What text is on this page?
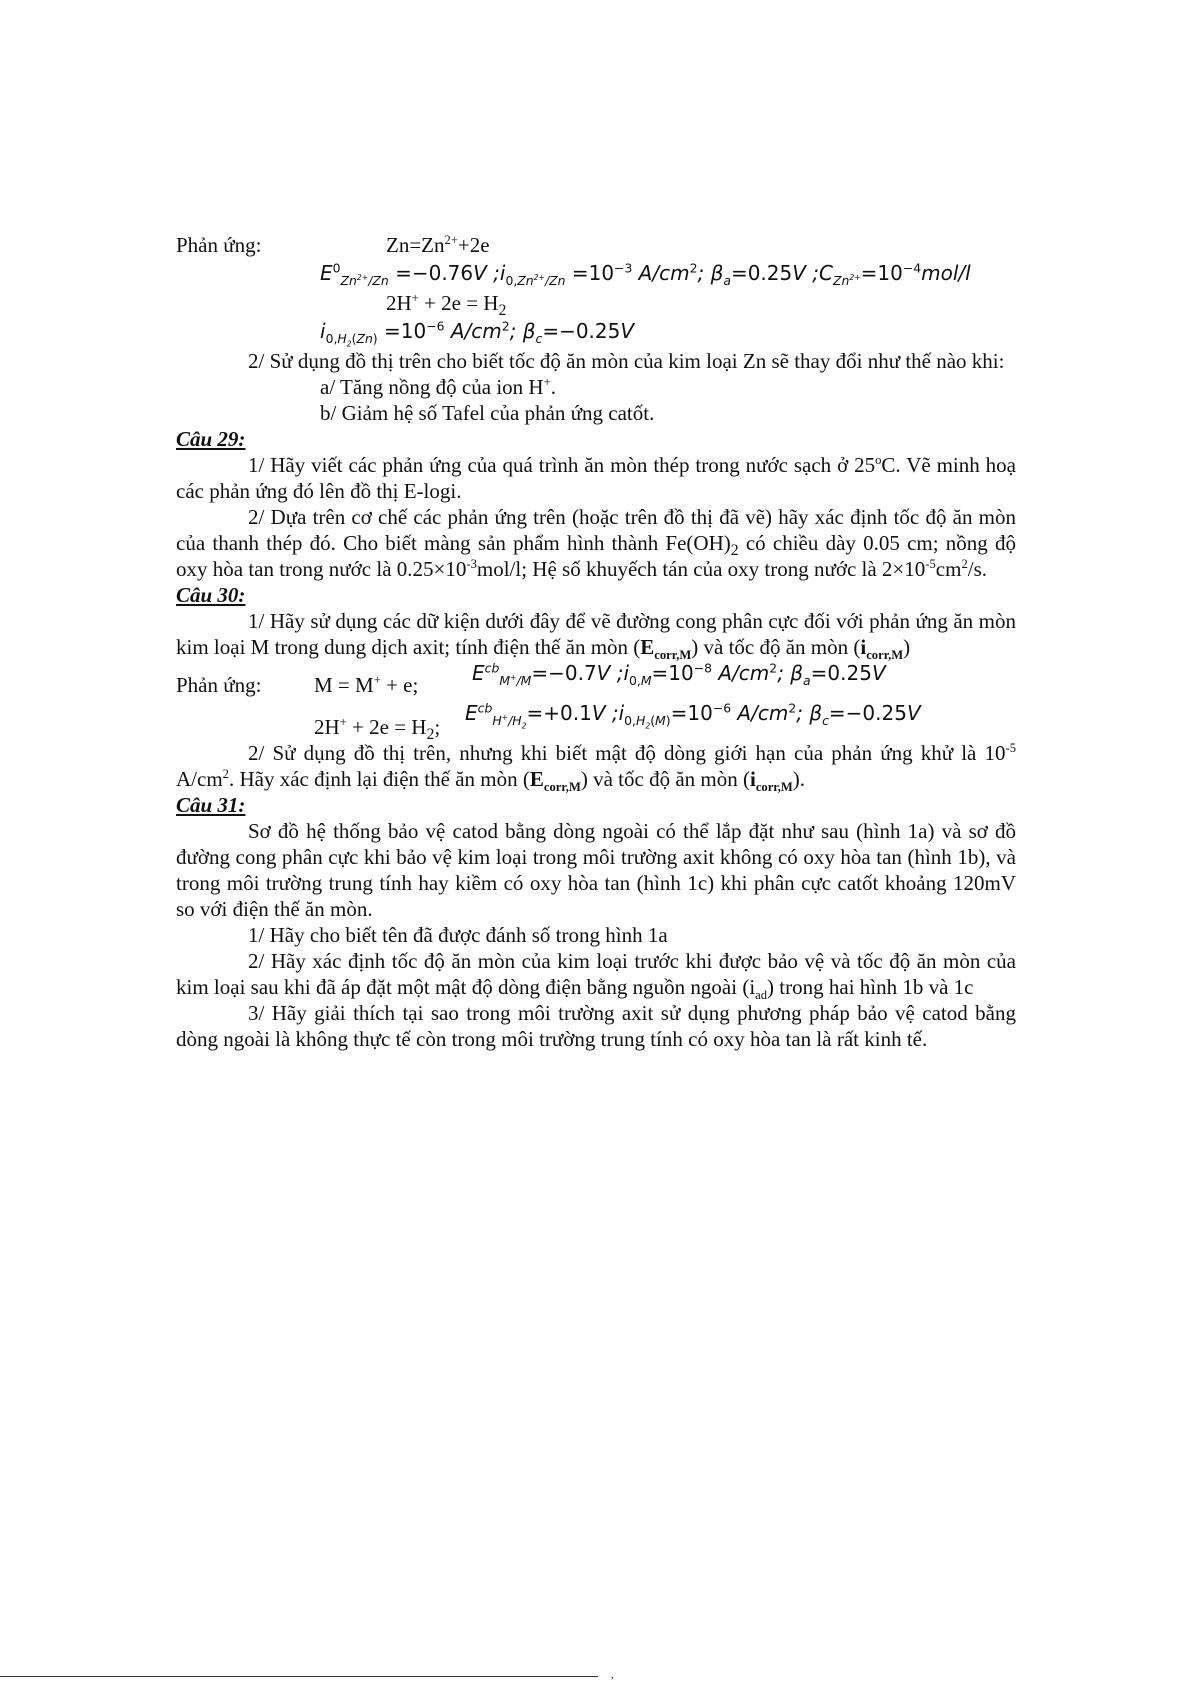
Phản ứng:	$Zn=Zn^{2+}+2e$
$E^0_{Zn^{2+}/Zn} =-0.76V$ $;i_{0,Zn^{2+}/Zn} =10^{-3}$ $A/cm^2$; $\beta_a=0.25V$ $;C_{Zn^{2+}}=10^{-4}mol/l$
$2H^+ + 2e = H_2$
$i_{0,H_2(Zn)} =10^{-6}$ $A/cm^2$; $\beta_c=-0.25V$

2/ Sử dụng đồ thị trên cho biết tốc độ ăn mòn của kim loại Zn sẽ thay đổi như thế nào khi:

a/ Tăng nồng độ của ion H+.

b/ Giảm hệ số Tafel của phản ứng catốt.

Câu 29:

1/ Hãy viết các phản ứng của quá trình ăn mòn thép trong nước sạch ở 25$^o$C. Vẽ minh hoạ các phản ứng đó lên đồ thị E-logi.

2/ Dựa trên cơ chế các phản ứng trên (hoặc trên đồ thị đã vẽ) hãy xác định tốc độ ăn mòn của thanh thép đó. Cho biết màng sản phẩm hình thành $Fe(OH)_2$ có chiều dày 0.05 cm; nồng độ oxy hòa tan trong nước là $0.25\times 10^{-3}mol/l$; Hệ số khuyếch tán của oxy trong nước là $2\times 10^{-5}cm^2/s$.

Câu 30:

1/ Hãy sử dụng các dữ kiện dưới đây để vẽ đường cong phân cực đối với phản ứng ăn mòn kim loại M trong dung dịch axit; tính điện thế ăn mòn $(E_{corr,M})$ và tốc độ ăn mòn $(i_{corr,M})$

Phản ứng:	M = M+ + e;	$E^{cb}_{M^+/M}=-0.7V$ $;i_{0,M}=10^{-8}$ $A/cm^2$; $\beta_a=0.25V$
$2H^+ + 2e = H_2$;
$E^{cb}_{H^+/H_2}=+0.1V$ $;i_{0,H_2(M)}=10^{-6}$ $A/cm^2$; $\beta_c=-0.25V$

2/ Sử dụng đồ thị trên, nhưng khi biết mật độ dòng giới hạn của phản ứng khử là $10^{-5}$ $A/cm^2$. Hãy xác định lại điện thế ăn mòn $(E_{corr,M})$ và tốc độ ăn mòn $(i_{corr,M})$.

Câu 31:

Sơ đồ hệ thống bảo vệ catod bằng dòng ngoài có thể lắp đặt như sau (hình 1a) và sơ đồ đường cong phân cực khi bảo vệ kim loại trong môi trường axit không có oxy hòa tan (hình 1b), và trong môi trường trung tính hay kiềm có oxy hòa tan (hình 1c) khi phân cực catốt khoảng 120mV so với điện thế ăn mòn.

1/ Hãy cho biết tên đã được đánh số trong hình 1a

2/ Hãy xác định tốc độ ăn mòn của kim loại trước khi được bảo vệ và tốc độ ăn mòn của kim loại sau khi đã áp đặt một mật độ dòng điện bằng nguồn ngoài $(i_{ad})$ trong hai hình 1b và 1c

3/ Hãy giải thích tại sao trong môi trường axit sử dụng phương pháp bảo vệ catod bằng dòng ngoài là không thực tế còn trong môi trường trung tính có oxy hòa tan là rất kinh tế.

,
